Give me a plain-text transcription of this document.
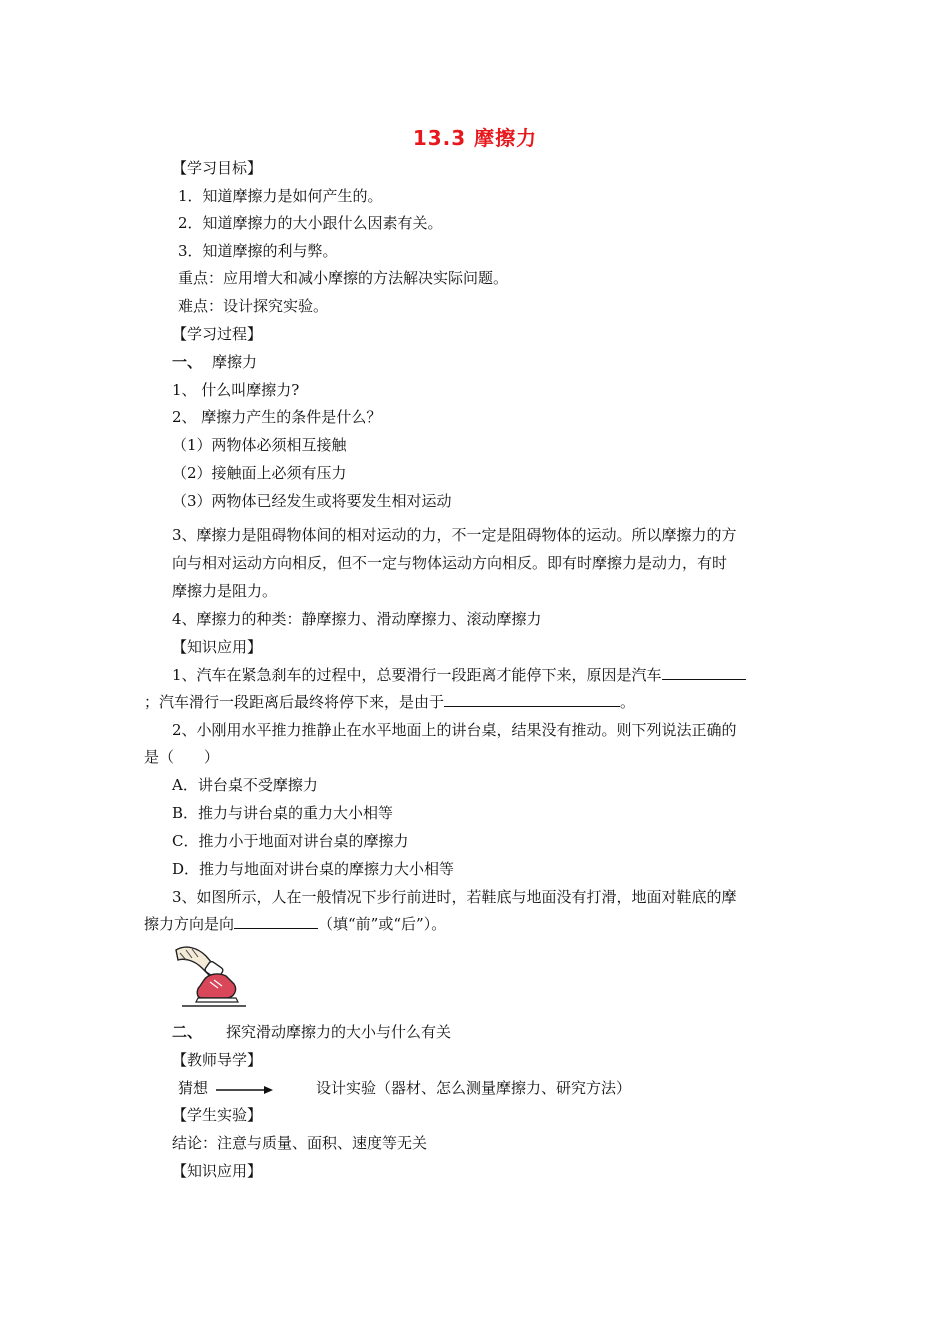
13.3 摩擦力
【学习目标】
1．知道摩擦力是如何产生的。
2．知道摩擦力的大小跟什么因素有关。
3．知道摩擦的利与弊。
重点：应用增大和减小摩擦的方法解决实际问题。
难点：设计探究实验。
【学习过程】
一、 摩擦力
1、 什么叫摩擦力?
2、 摩擦力产生的条件是什么？
（1）两物体必须相互接触
（2）接触面上必须有压力
（3）两物体已经发生或将要发生相对运动
3、摩擦力是阻碍物体间的相对运动的力，不一定是阻碍物体的运动。所以摩擦力的方
向与相对运动方向相反，但不一定与物体运动方向相反。即有时摩擦力是动力，有时
摩擦力是阻力。
4、摩擦力的种类：静摩擦力、滑动摩擦力、滚动摩擦力
【知识应用】
1、汽车在紧急刹车的过程中，总要滑行一段距离才能停下来，原因是汽车
；汽车滑行一段距离后最终将停下来，是由于	。
2、小刚用水平推力推静止在水平地面上的讲台桌，结果没有推动。则下列说法正确的
是（　　）
A．讲台桌不受摩擦力
B．推力与讲台桌的重力大小相等
C．推力小于地面对讲台桌的摩擦力
D．推力与地面对讲台桌的摩擦力大小相等
3、如图所示，人在一般情况下步行前进时，若鞋底与地面没有打滑，地面对鞋底的摩
擦力方向是向	（填“前”或“后”）。
二、 探究滑动摩擦力的大小与什么有关
【教师导学】
猜想	设计实验（器材、怎么测量摩擦力、研究方法）
【学生实验】
结论：注意与质量、面积、速度等无关
【知识应用】
